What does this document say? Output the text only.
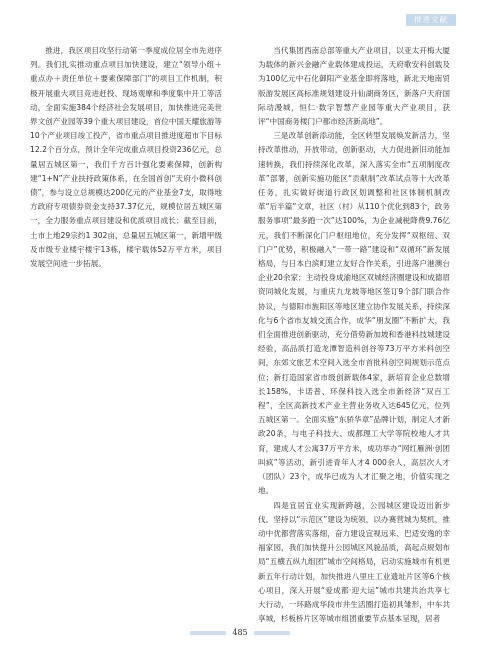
推进文献

推进，我区项目攻坚行动第一季度成位居全市先进序列。我们扎实推动重点项目加快建设，建立“领导小组＋重点办＋责任单位＋要素保障部门”的项目工作机制，积极开展重大项目竞进赶投、现场观摩和季度集中开工等活动，全面实施384个经济社会发展项目，加快推进完美世界文创产业园等39个重大项目建设，首位中国天耀旅游等10个产业项目竣工投产，省市重点项目推进度超市下目标12.2个百分点，预计全年完成重点项目投资236亿元，总量居五城区第一，我们千方百计强化要素保障，创新构建“1+N”产业扶持政策体系，在全国首创“天府小微科创债”，参与设立总规模达200亿元的产业基金7支，取得地方政府专项债券资金支持37.37亿元，规模位居五城区第一，全力服务重点项目建设和优质项目成长；截至目前，土市上地29宗约1 302亩，总量居五城区第一，新增甲级及市级专业楼宇楼宇13栋，楼宇载体52万平方米，项目发展空间进一步拓展。

当代集团西南总部等重大产业项目，以亚太开梅大厦为载体的新兴金融产业载体建成投运，天府歌安科创载及为100亿元中石化御阳产业基金即将落地，新北天地南贸版游发展区高标准规划建设升仙湖商务区，新落户天府国际动漫城，恒仁·数字智慧产业园等重大产业项目，获评“中国商务楼门户都市经济新高地”。

三是改革创新添动能，全区转型发展焕发新活力，坚持改革推动，开放带动，创新驱动，大力促进新旧动能加速转换，我们持续深化改革，深入落实全市“五项制度改革”部署，创新实施功能区“贡献制”改革试点等十大改革任务，扎实做好街道行政区划调整和社区体制机制改革“后半篇”文章，社区（村）从110个优化到83个，政务服务事项“最多跑一次”达100%，为企业减税降费9.76亿元，我们不断深化门户枢纽地位，充分发挥“双枢纽、双门户”优势，积极融入“一带一路”建设和“双循环”新发展格局，与日本白滨町建立友好合作关系，引进落户港澳台企业20余家；主动投身成渝地区双城经济圈建设和成德眉资同城化发展，与重庆九龙坡等地区签订9个部门联合作协议，与德阳市旌阳区等地区建立协作发展关系，持续深化与6个省市友城交流合作，成华“朋友圈”不断扩大，我们全面推进创新驱动，充分借势新加坡和香港科技城建设经验，高品质打造龙潭智造科创谷等73万平方米科创空间，东郊文旅艺术空间入选全市首批科创空间规划示范点位；新打造国家省市级创新载体4家，新培育企业总数增长158%，卡诺普、环保科技入选全市新经济“双百工程”，全区高新技术产业主营业务收入达645亿元，位列五城区第一。全面实施“东骄华章”品牌计划，制定人才新政20条，与电子科技大、成都理工大学等院校地人才共育，建成人才公寓37万平方米，成功举办“网红雁洲·创团叫疯”等活动，新引进青年人才4 000余人，高层次人才（团队）23个，成华已成为人才汇聚之地，价值实现之地。

四是宜居宜业实现新跨越，公园城区建设迈出新步伐。坚持以“示范区”建设为统领，以办赛营城为契机，推动中优都营落实落细，奋力建设宜视远来、巴适安逸的幸福家园，我们加快提升公园城区风貌品质，高起点规划布局“五横五纵九组团”城市空间格局，启动实施城市有机更新五年行动计划，加快推进八里庄工业遗址片区等6个核心项目，深入开展“爱成都·迎大运”城市共建共治共享七大行动，一环路成华段市井生活圈打造初具雏形，中车共享城，杉板桥片区等城市组团重要节点基本呈现，居者

485
